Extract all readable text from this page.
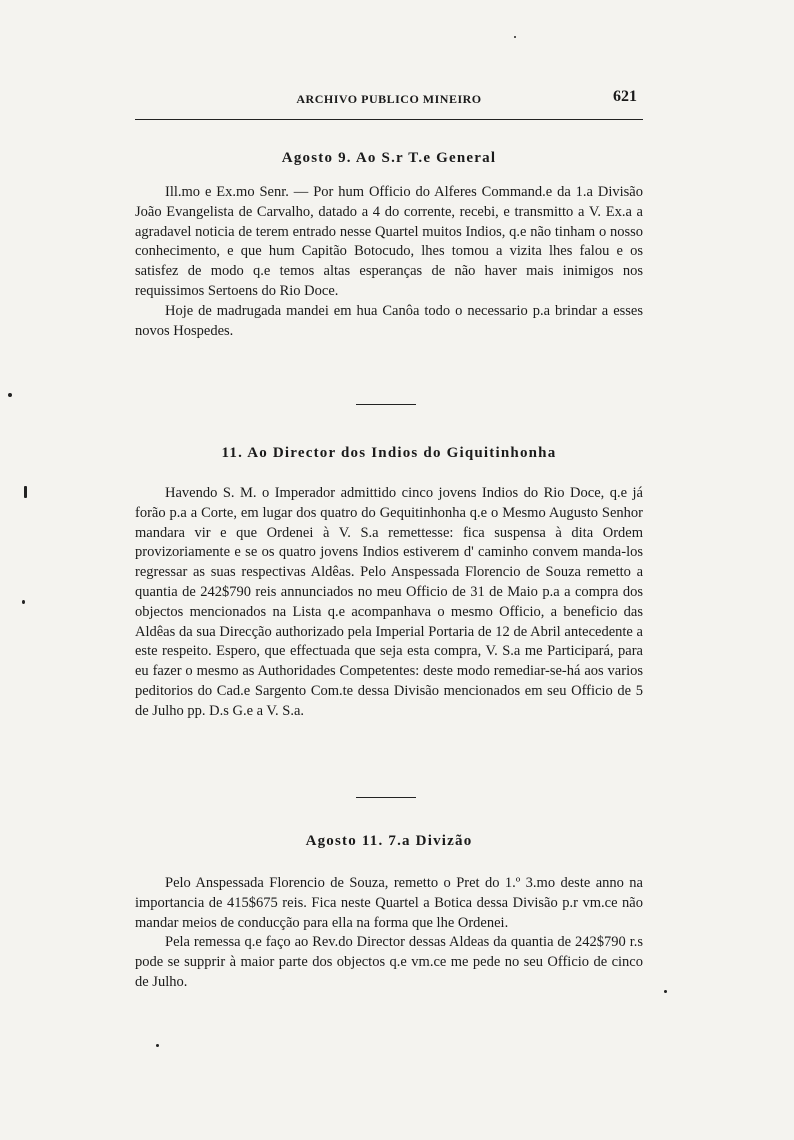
ARCHIVO PUBLICO MINEIRO	621
Agosto 9. Ao S.r T.e General

Ill.mo e Ex.mo Senr. — Por hum Officio do Alferes Command.e da 1.a Divisão João Evangelista de Carvalho, datado a 4 do corrente, recebi, e transmitto a V. Ex.a a agradavel noticia de terem entrado nesse Quartel muitos Indios, q.e não tinham o nosso conhecimento, e que hum Capitão Botocudo, lhes tomou a vizita lhes falou e os satisfez de modo q.e temos altas esperanças de não haver mais inimigos nos requissimos Sertoens do Rio Doce.

Hoje de madrugada mandei em hua Canôa todo o necessario p.a brindar a esses novos Hospedes.

11. Ao Director dos Indios do Giquitinhonha

Havendo S. M. o Imperador admittido cinco jovens Indios do Rio Doce, q.e já forão p.a a Corte, em lugar dos quatro do Gequitinhonha q.e o Mesmo Augusto Senhor mandara vir e que Ordenei à V. S.a remettesse: fica suspensa à dita Ordem provizoriamente e se os quatro jovens Indios estiverem d' caminho convem manda-los regressar as suas respectivas Aldêas. Pelo Anspessada Florencio de Souza remetto a quantia de 242$790 reis annunciados no meu Officio de 31 de Maio p.a a compra dos objectos mencionados na Lista q.e acompanhava o mesmo Officio, a beneficio das Aldêas da sua Direcção authorizado pela Imperial Portaria de 12 de Abril antecedente a este respeito. Espero, que effectuada que seja esta compra, V. S.a me Participará, para eu fazer o mesmo as Authoridades Competentes: deste modo remediar-se-há aos varios peditorios do Cad.e Sargento Com.te dessa Divisão mencionados em seu Officio de 5 de Julho pp. D.s G.e a V. S.a.

Agosto 11. 7.a Divizão

Pelo Anspessada Florencio de Souza, remetto o Pret do 1.º 3.mo deste anno na importancia de 415$675 reis. Fica neste Quartel a Botica dessa Divisão p.r vm.ce não mandar meios de conducção para ella na forma que lhe Ordenei.

Pela remessa q.e faço ao Rev.do Director dessas Aldeas da quantia de 242$790 r.s pode se supprir à maior parte dos objectos q.e vm.ce me pede no seu Officio de cinco de Julho.
